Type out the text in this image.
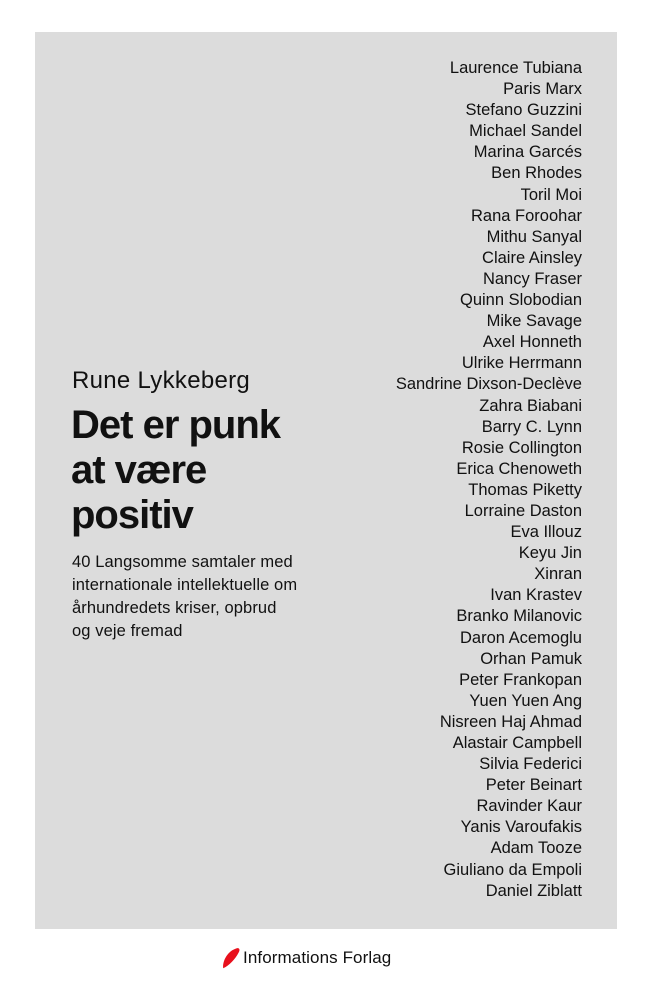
Rune Lykkeberg
Det er punk
at være
positiv
40 Langsomme samtaler med
internationale intellektuelle om
århundredets kriser, opbrud
og veje fremad
Laurence Tubiana
Paris Marx
Stefano Guzzini
Michael Sandel
Marina Garcés
Ben Rhodes
Toril Moi
Rana Foroohar
Mithu Sanyal
Claire Ainsley
Nancy Fraser
Quinn Slobodian
Mike Savage
Axel Honneth
Ulrike Herrmann
Sandrine Dixson-Declève
Zahra Biabani
Barry C. Lynn
Rosie Collington
Erica Chenoweth
Thomas Piketty
Lorraine Daston
Eva Illouz
Keyu Jin
Xinran
Ivan Krastev
Branko Milanovic
Daron Acemoglu
Orhan Pamuk
Peter Frankopan
Yuen Yuen Ang
Nisreen Haj Ahmad
Alastair Campbell
Silvia Federici
Peter Beinart
Ravinder Kaur
Yanis Varoufakis
Adam Tooze
Giuliano da Empoli
Daniel Ziblatt
Informations Forlag
